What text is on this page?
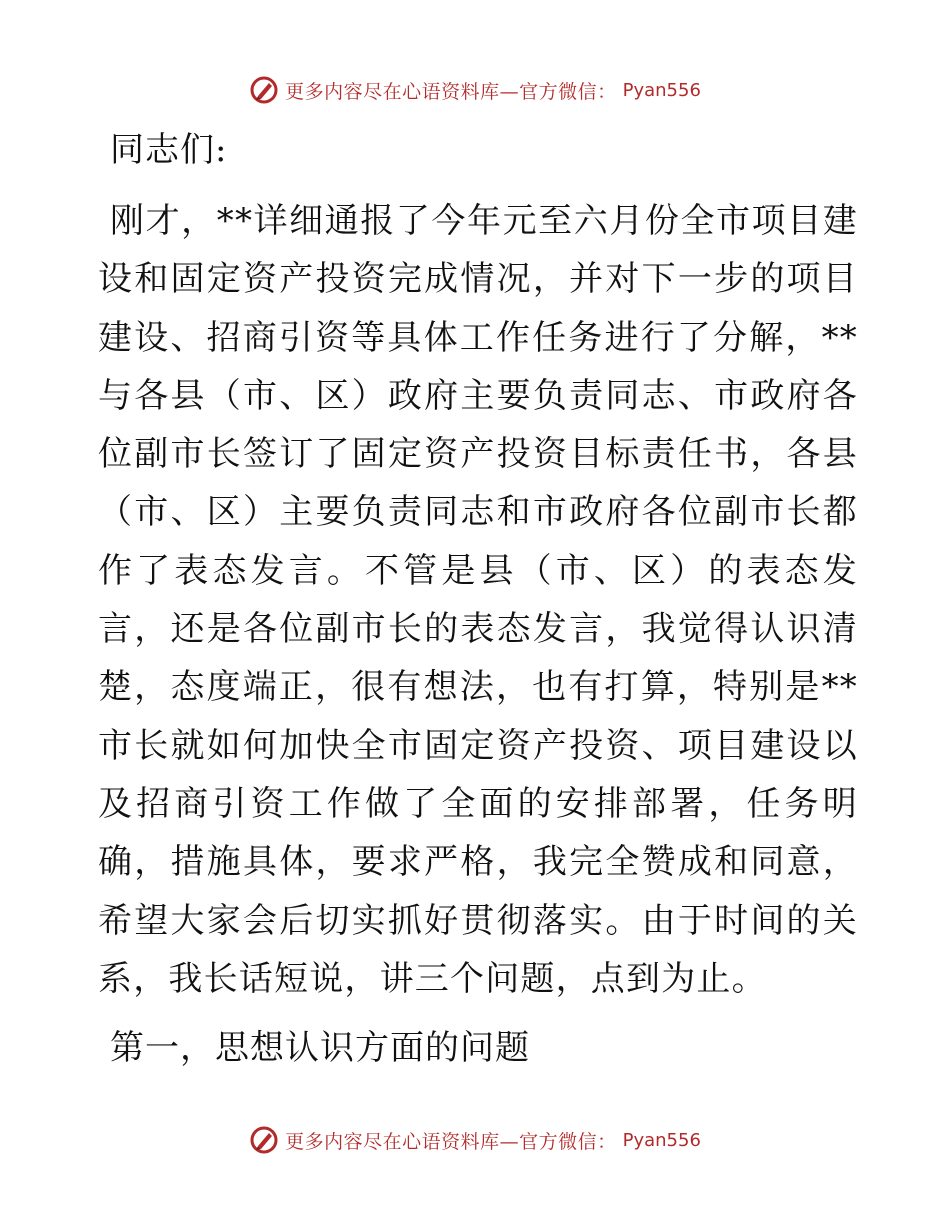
更多内容尽在心语资料库—官方微信： Pyan556

同志们:

刚才，**详细通报了今年元至六月份全市项目建设和固定资产投资完成情况，并对下一步的项目建设、招商引资等具体工作任务进行了分解，**与各县（市、区）政府主要负责同志、市政府各位副市长签订了固定资产投资目标责任书，各县（市、区）主要负责同志和市政府各位副市长都作了表态发言。不管是县（市、区）的表态发言，还是各位副市长的表态发言，我觉得认识清楚，态度端正，很有想法，也有打算，特别是**市长就如何加快全市固定资产投资、项目建设以及招商引资工作做了全面的安排部署，任务明确，措施具体，要求严格，我完全赞成和同意，希望大家会后切实抓好贯彻落实。由于时间的关系，我长话短说，讲三个问题，点到为止。

第一，思想认识方面的问题

更多内容尽在心语资料库—官方微信： Pyan556
